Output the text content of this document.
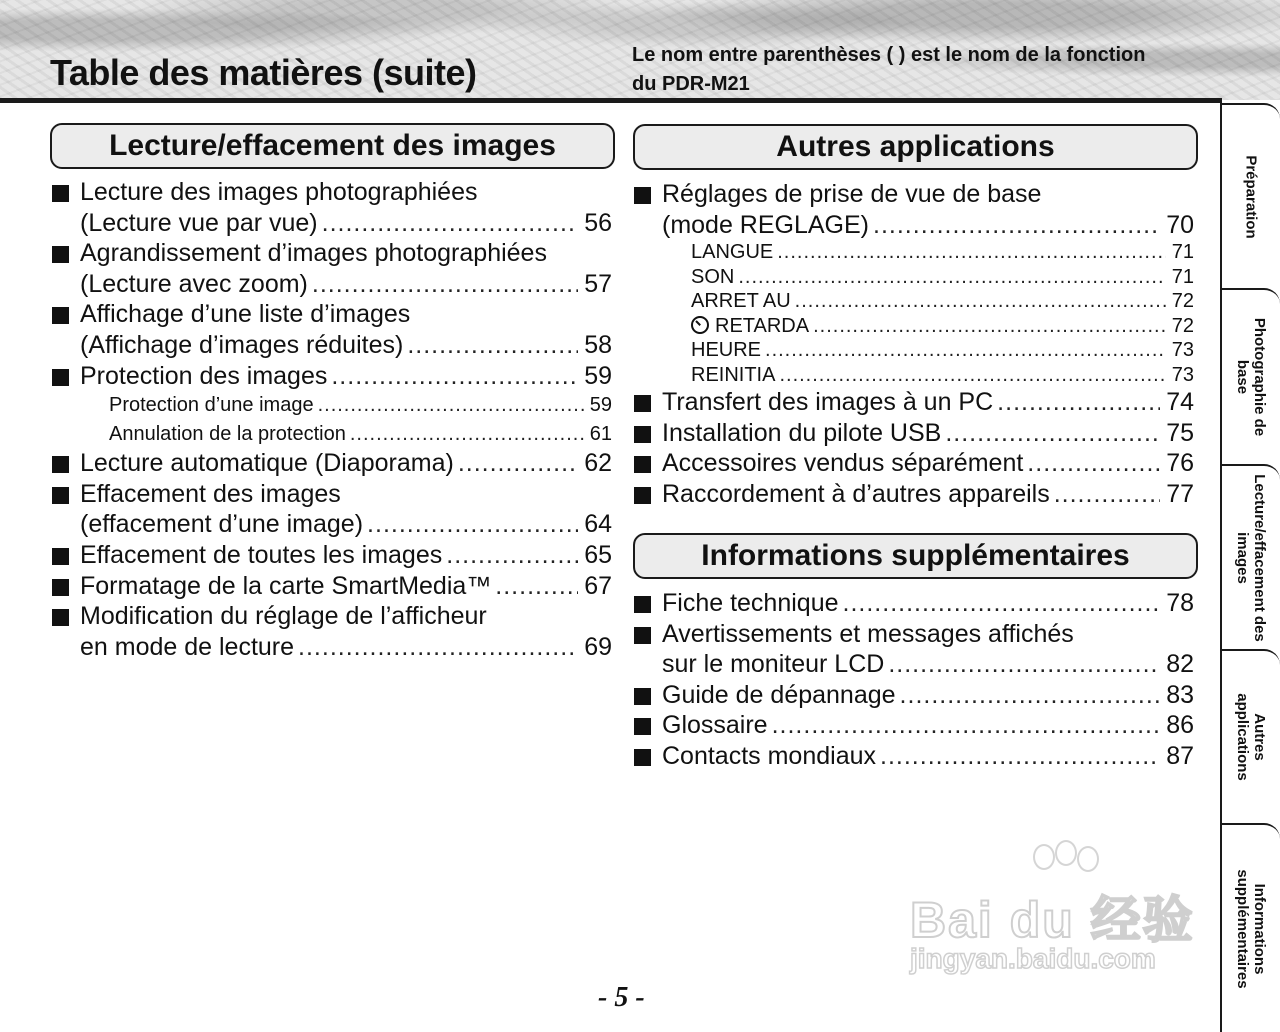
Table des matières (suite)	Le nom entre parenthèses ( ) est le nom de la fonction du PDR-M21
Lecture/effacement des images
Lecture des images photographiées
(Lecture vue par vue) .....	56
Agrandissement d’images photographiées
(Lecture avec zoom) .....	57
Affichage d’une liste d’images
(Affichage d’images réduites) .....	58
Protection des images .....	59
Protection d’une image .....	59
Annulation de la protection .....	61
Lecture automatique (Diaporama) .....	62
Effacement des images
(effacement d’une image) .....	64
Effacement de toutes les images .....	65
Formatage de la carte SmartMedia™ .....	67
Modification du réglage de l’afficheur
en mode de lecture .....	69
Autres applications
Réglages de prise de vue de base
(mode REGLAGE) .....	70
LANGUE .....	71
SON .....	71
ARRET AU .....	72
RETARDA .....	72
HEURE .....	73
REINITIA .....	73
Transfert des images à un PC .....	74
Installation du pilote USB .....	75
Accessoires vendus séparément .....	76
Raccordement à d’autres appareils .....	77
Informations supplémentaires
Fiche technique .....	78
Avertissements et messages affichés
sur le moniteur LCD .....	82
Guide de dépannage .....	83
Glossaire .....	86
Contacts mondiaux .....	87
Préparation
Photographie de base
Lecture/effacement des images
Autres applications
Informations supplémentaires
Bai du 经验
jingyan.baidu.com
- 5 -
